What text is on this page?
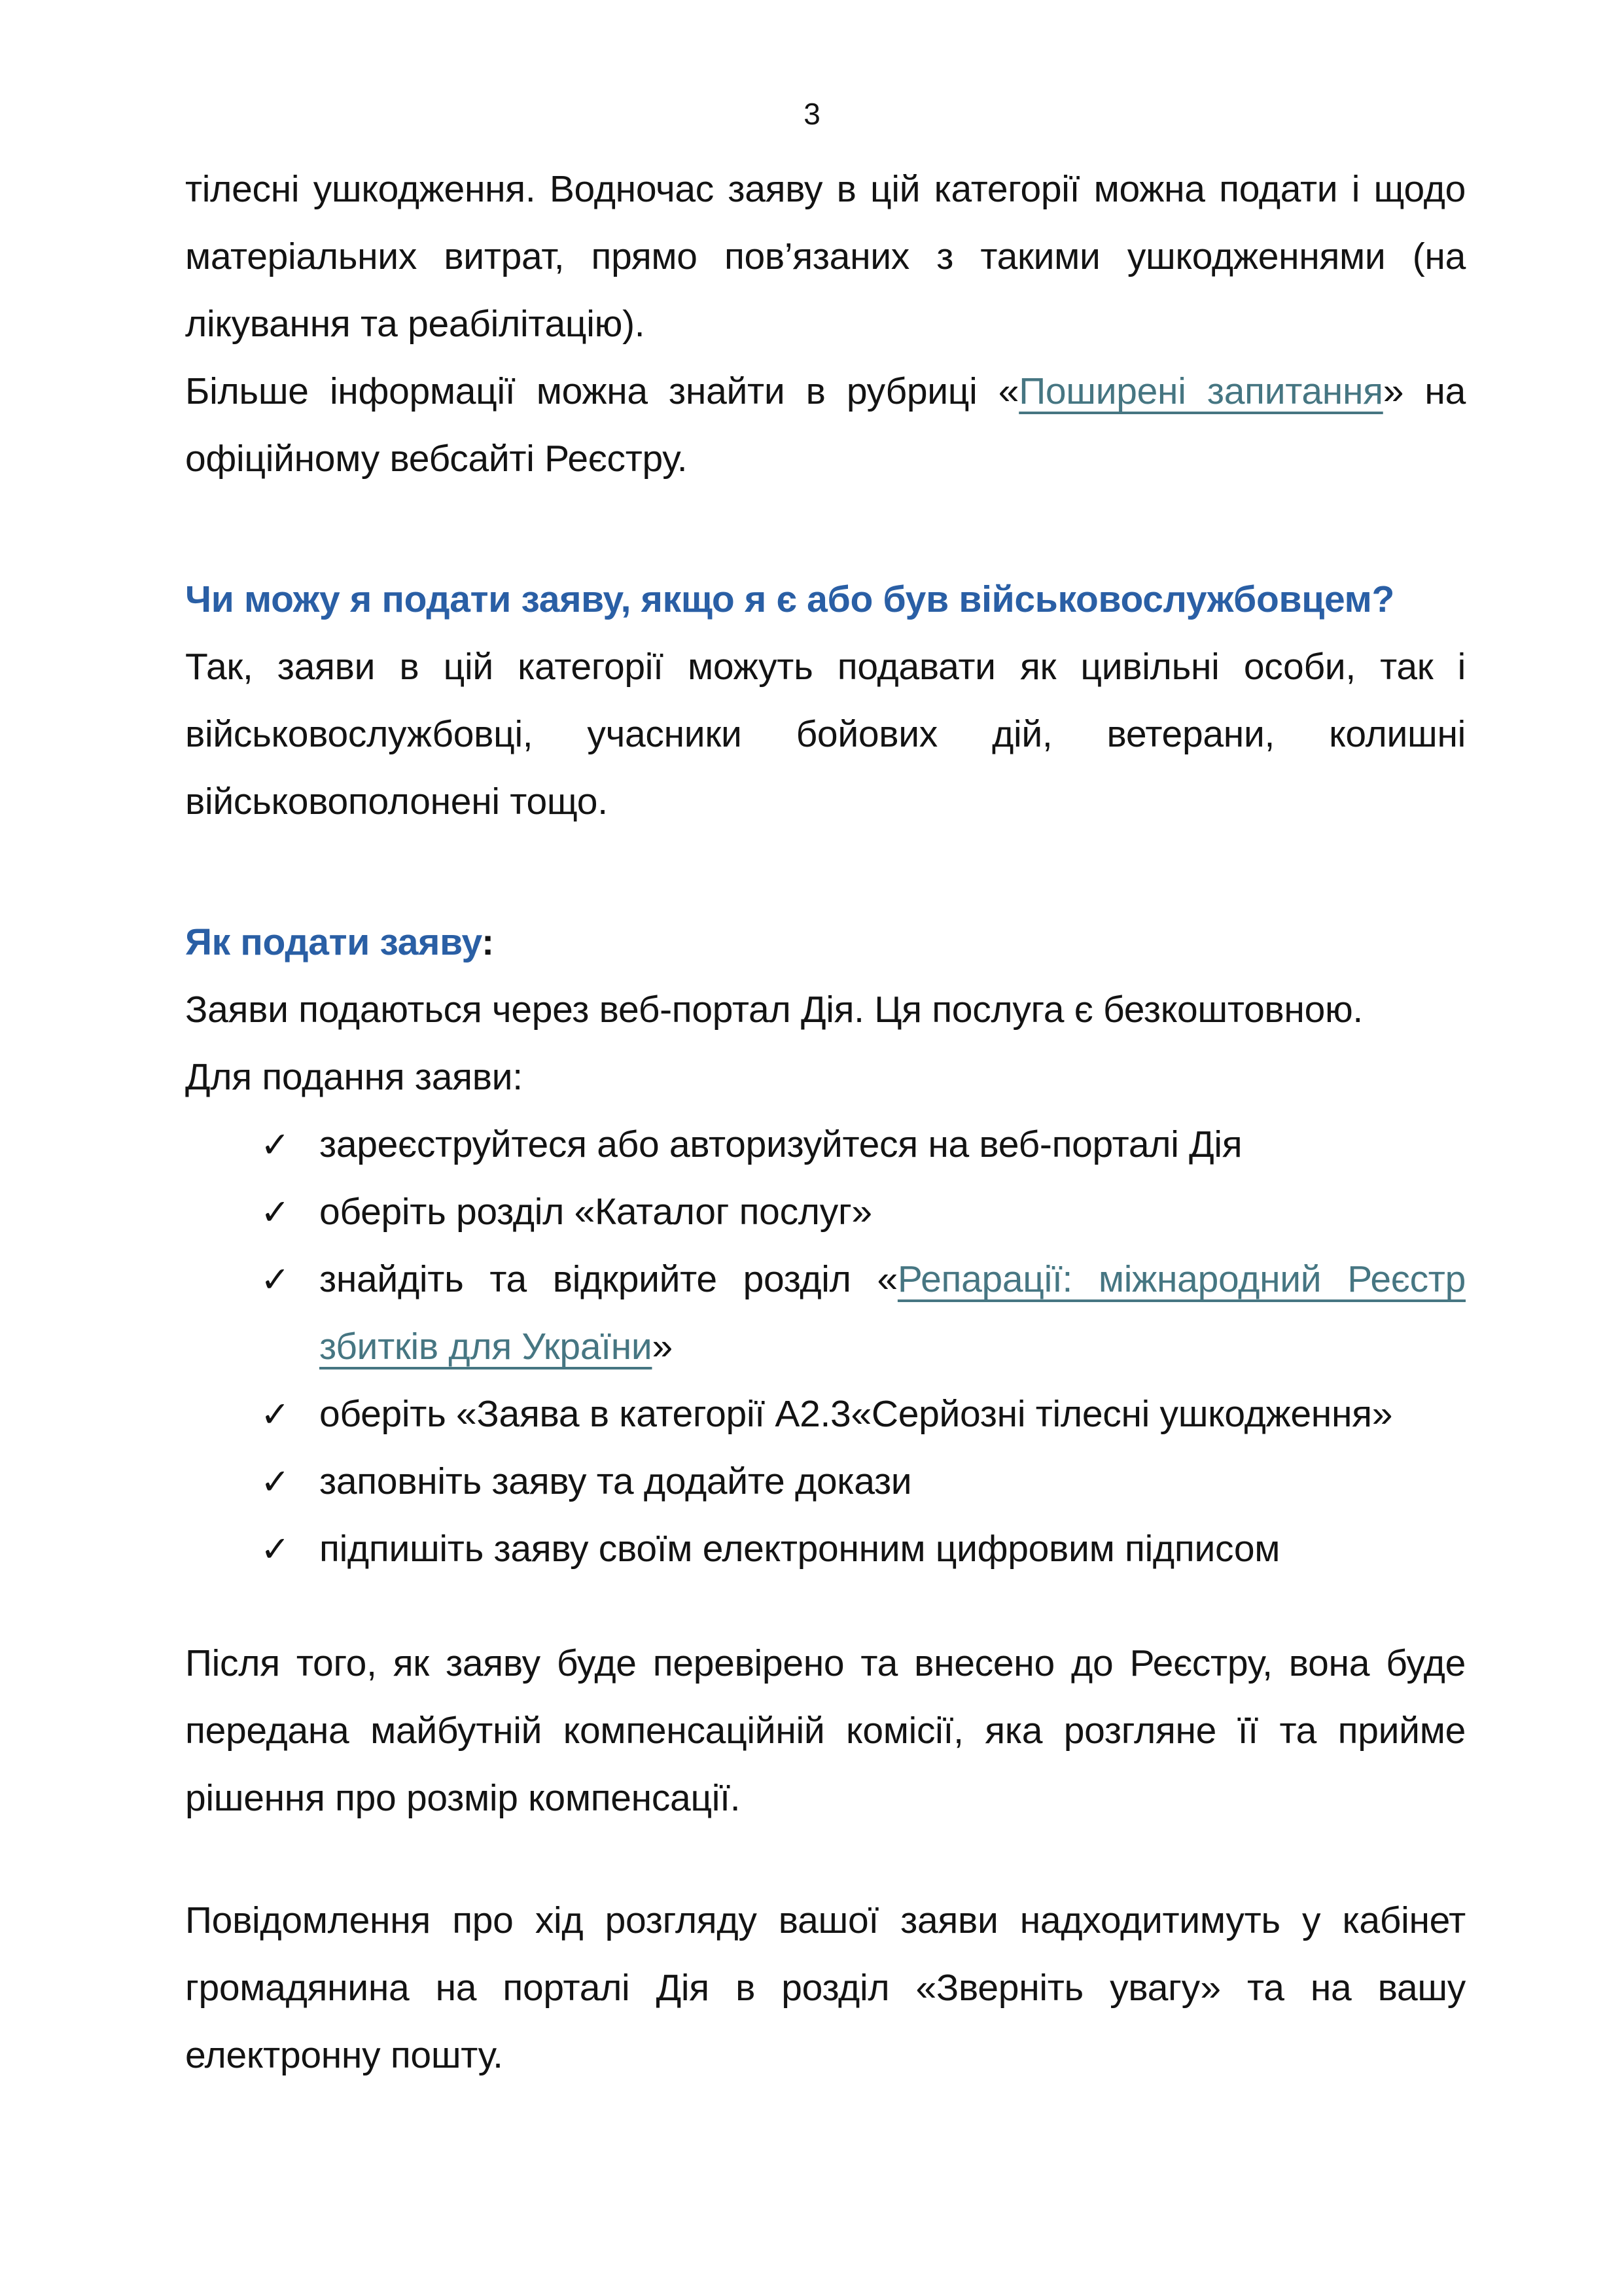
3

тілесні ушкодження. Водночас заяву в цій категорії можна подати і щодо матеріальних витрат, прямо пов’язаних з такими ушкодженнями (на лікування та реабілітацію).

Більше інформації можна знайти в рубриці «Поширені запитання» на офіційному вебсайті Реєстру.

Чи можу я подати заяву, якщо я є або був військовослужбовцем?

Так, заяви в цій категорії можуть подавати як цивільні особи, так і військовослужбовці, учасники бойових дій, ветерани, колишні військовополонені тощо.

Як подати заяву:

Заяви подаються через веб-портал Дія. Ця послуга є безкоштовною.

Для подання заяви:

✓ зареєструйтеся або авторизуйтеся на веб-порталі Дія
✓ оберіть розділ «Каталог послуг»
✓ знайдіть та відкрийте розділ «Репарації: міжнародний Реєстр збитків для України»
✓ оберіть «Заява в категорії А2.3«Серйозні тілесні ушкодження»
✓ заповніть заяву та додайте докази
✓ підпишіть заяву своїм електронним цифровим підписом

Після того, як заяву буде перевірено та внесено до Реєстру, вона буде передана майбутній компенсаційній комісії, яка розгляне її та прийме рішення про розмір компенсації.

Повідомлення про хід розгляду вашої заяви надходитимуть у кабінет громадянина на порталі Дія в розділ «Зверніть увагу» та на вашу електронну пошту.
